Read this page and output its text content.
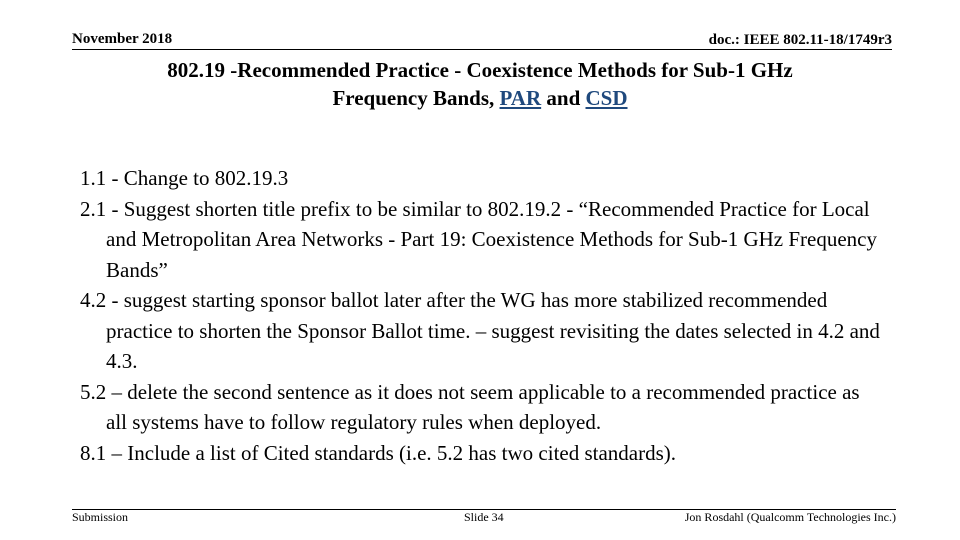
November 2018	doc.: IEEE 802.11-18/1749r3
802.19 -Recommended Practice - Coexistence Methods for Sub-1 GHz
Frequency Bands, PAR and CSD
1.1 - Change to 802.19.3
2.1 - Suggest shorten title prefix to be similar to 802.19.2 - “Recommended Practice for Local and Metropolitan Area Networks - Part 19: Coexistence Methods for Sub-1 GHz Frequency Bands”
4.2 - suggest starting sponsor ballot later after the WG has more stabilized recommended practice to shorten the Sponsor Ballot time. – suggest revisiting the dates selected in 4.2 and 4.3.
5.2 – delete the second sentence as it does not seem applicable to a recommended practice as all systems have to follow regulatory rules when deployed.
8.1 – Include a list of Cited standards (i.e. 5.2 has two cited standards).
Submission	Slide 34	Jon Rosdahl (Qualcomm Technologies Inc.)
